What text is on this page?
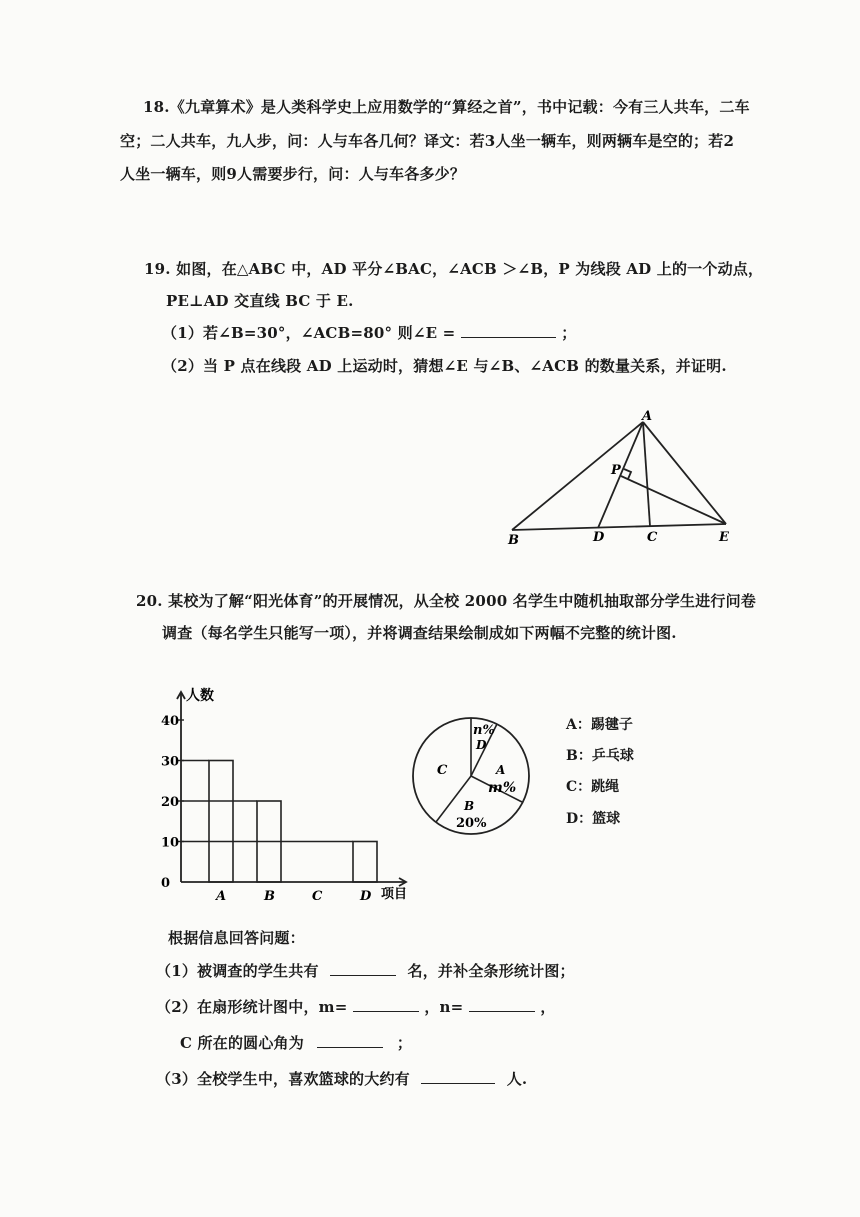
18.《九章算术》是人类科学史上应用数学的“算经之首”，书中记载：今有三人共车，二车
空；二人共车，九人步，问：人与车各几何？译文：若3人坐一辆车，则两辆车是空的；若2
人坐一辆车，则9人需要步行，问：人与车各多少？
19. 如图，在△ABC 中，AD 平分∠BAC，∠ACB ＞∠B，P 为线段 AD 上的一个动点，
PE⊥AD 交直线 BC 于 E.
（1）若∠B=30°，∠ACB=80° 则∠E =	；
（2）当 P 点在线段 AD 上运动时，猜想∠E 与∠B、∠ACB 的数量关系，并证明.
A
P
B	D	C	E
20. 某校为了解“阳光体育”的开展情况，从全校 2000 名学生中随机抽取部分学生进行问卷
调查（每名学生只能写一项），并将调查结果绘制成如下两幅不完整的统计图.
0
10
20
30
40
A	B	C	D
人数
项目
n%
D
A
m%
C
B
20%
A：踢毽子
B：乒乓球
C：跳绳
D：篮球
根据信息回答问题：
（1）被调查的学生共有	名，并补全条形统计图；
（2）在扇形统计图中，m=	，n=	，
C 所在的圆心角为	；
（3）全校学生中，喜欢篮球的大约有	人.
